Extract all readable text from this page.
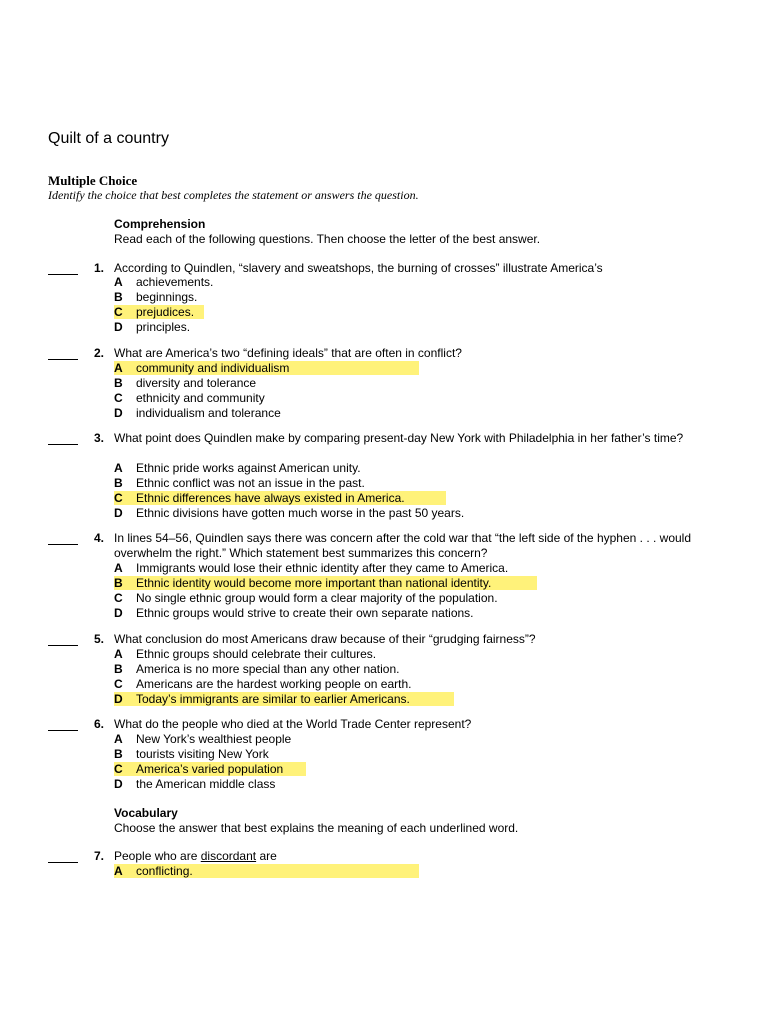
Quilt of a country
Multiple Choice
Identify the choice that best completes the statement or answers the question.
Comprehension
Read each of the following questions. Then choose the letter of the best answer.
1. According to Quindlen, “slavery and sweatshops, the burning of crosses” illustrate America’s
A	achievements.
B	beginnings.
C	prejudices.
D	principles.
2. What are America’s two “defining ideals” that are often in conflict?
A	community and individualism
B	diversity and tolerance
C	ethnicity and community
D	individualism and tolerance
3. What point does Quindlen make by comparing present-day New York with Philadelphia in her father’s time?
A	Ethnic pride works against American unity.
B	Ethnic conflict was not an issue in the past.
C	Ethnic differences have always existed in America.
D	Ethnic divisions have gotten much worse in the past 50 years.
4. In lines 54–56, Quindlen says there was concern after the cold war that “the left side of the hyphen . . . would overwhelm the right.” Which statement best summarizes this concern?
A	Immigrants would lose their ethnic identity after they came to America.
B	Ethnic identity would become more important than national identity.
C	No single ethnic group would form a clear majority of the population.
D	Ethnic groups would strive to create their own separate nations.
5. What conclusion do most Americans draw because of their “grudging fairness”?
A	Ethnic groups should celebrate their cultures.
B	America is no more special than any other nation.
C	Americans are the hardest working people on earth.
D	Today’s immigrants are similar to earlier Americans.
6. What do the people who died at the World Trade Center represent?
A	New York’s wealthiest people
B	tourists visiting New York
C	America’s varied population
D	the American middle class
Vocabulary
Choose the answer that best explains the meaning of each underlined word.
7. People who are discordant are
A	conflicting.
